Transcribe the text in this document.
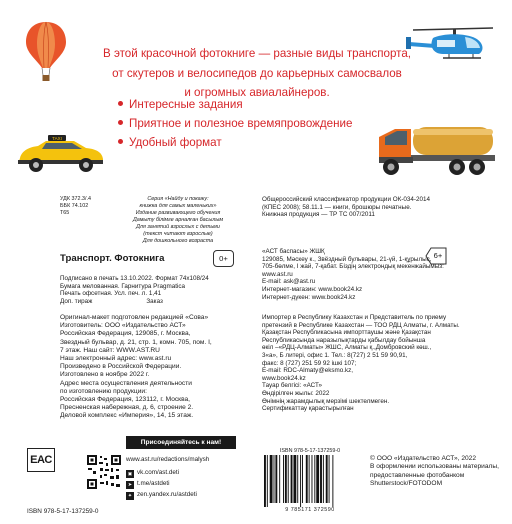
В этой красочной фотокниге — разные виды транспорта,
от скутеров и велосипедов до карьерных самосвалов
и огромных авиалайнеров.
Интересные задания
Приятное и полезное времяпровождение
Удобный формат
TAXI
УДК 372.3/.4
ББК 74.102
Т65
Серия «Найду и покажу:
книжка для самых маленьких»
Издание развивающего обучения
Дамыту бiлiмге арналған басылым
Для занятий взрослых с детьми
(текст читают взрослые)
Для дошкольного возраста
Общероссийский классификатор продукции ОК-034-2014
(КПЕС 2008); 58.11.1 — книги, брошюры печатные.
Книжная продукция — ТР ТС 007/2011
Транспорт. Фотокнига	0+
Подписано в печать 13.10.2022. Формат 74x108/24
Бумага мелованная. Гарнитура Pragmatica
Печать офсетная. Усл. печ. л. 1,41
Доп. тираж	Заказ
Оригинал-макет подготовлен редакцией «Сова»
Изготовитель: ООО «Издательство АСТ»
Российская Федерация, 129085, г. Москва,
Звездный бульвар, д. 21, стр. 1, комн. 705, пом. I,
7 этаж. Наш сайт: WWW.AST.RU
Наш электронный адрес: www.ast.ru
Произведено в Российской Федерации.
Изготовлено в ноябре 2022 г.
Адрес места осуществления деятельности
по изготовлению продукции:
Российская Федерация, 123112, г. Москва,
Пресненская набережная, д. 6, строение 2.
Деловой комплекс «Империя», 14, 15 этаж.
6+
«АСТ баспасы» ЖШҚ
129085, Мәскеу к., Звёздный бульвары, 21-үй, 1-құрылыс,
705-бөлме, I жай, 7-қабат. Біздің электрондық мекенжайымыз:
www.ast.ru
E-mail: ask@ast.ru
Интернет-магазин: www.book24.kz
Интернет-дүкен: www.book24.kz
Импортер в Республику Казахстан и Представитель по приему
претензий в Республике Казахстан — ТОО РДЦ Алматы, г. Алматы.
Қазақстан Республикасына импорттаушы және Қазақстан
Республикасында наразылықтарды қабылдау бойынша
өкіл –«РДЦ-Алматы» ЖШС, Алматы қ.,Домбровский көш.,
3«а», Б литері, офис 1. Тел.: 8(727) 2 51 59 90,91,
факс: 8 (727) 251 59 92 ішкі 107;
E-mail: RDC-Almaty@eksmo.kz,
www.book24.kz
Тауар белгісі: «АСТ»
Өндірілген жылы: 2022
Өнімнің жарамдылық мерзімі шектелмеген.
Сертификаттау қарастырылған
Присоединяйтесь к нам!
www.ast.ru/redactions/malysh
▣ vk.com/ast.deti
➤ t.me/astdeti
✦ zen.yandex.ru/astdeti
EAC
ISBN 978-5-17-137259-0
ISBN 978-5-17-137259-0
9 785171 372590
© ООО «Издательство АСТ», 2022
В оформлении использованы материалы,
предоставленные фотобанком
Shutterstock/FOTODOM
